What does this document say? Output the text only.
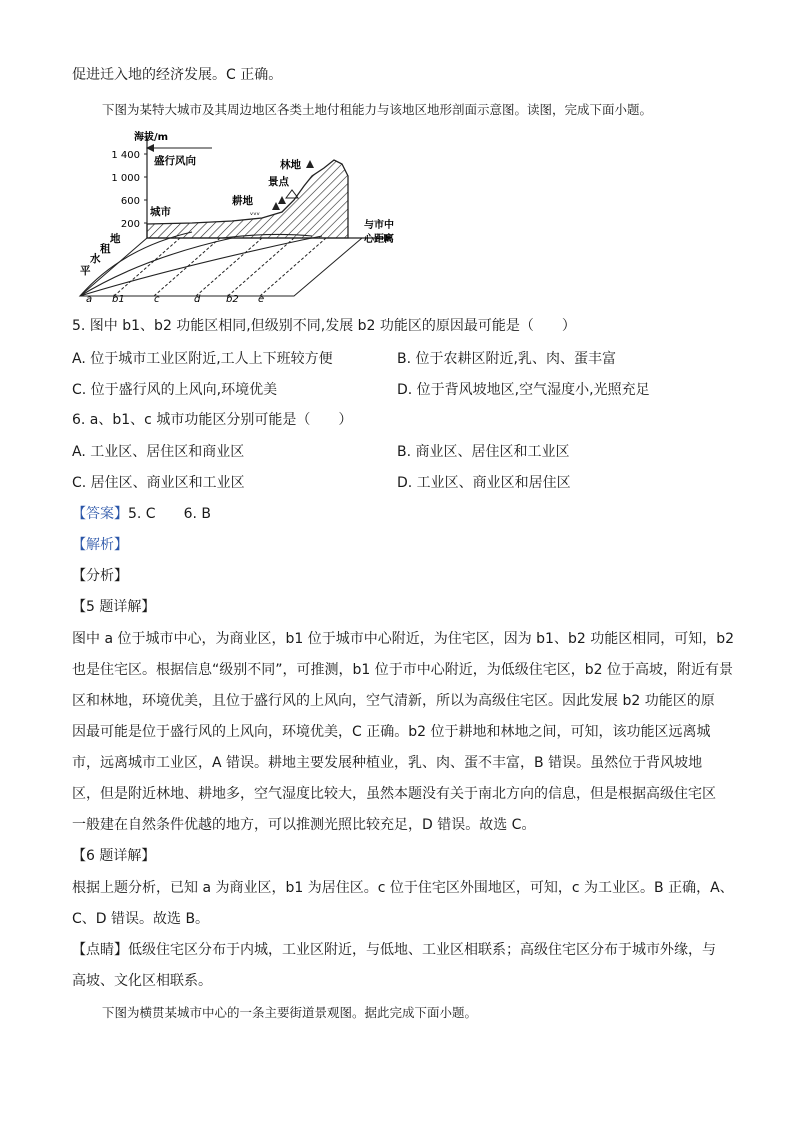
促进迁入地的经济发展。C 正确。
下图为某特大城市及其周边地区各类土地付租能力与该地区地形剖面示意图。读图，完成下面小题。
1 400
1 000
600
200
海拔/m
盛行风向
城市
耕地
ᵥᵥᵥ
景点
林地
与市中
心距离
平
水
租
地
a b1	c	d	b2 e
5. 图中 b1、b2 功能区相同,但级别不同,发展 b2 功能区的原因最可能是（　　）
A. 位于城市工业区附近,工人上下班较方便	B. 位于农耕区附近,乳、肉、蛋丰富
C. 位于盛行风的上风向,环境优美	D. 位于背风坡地区,空气湿度小,光照充足
6. a、b1、c 城市功能区分别可能是（　　）
A. 工业区、居住区和商业区	B. 商业区、居住区和工业区
C. 居住区、商业区和工业区	D. 工业区、商业区和居住区
【答案】5. C　　6. B
【解析】
【分析】
【5 题详解】
图中 a 位于城市中心，为商业区，b1 位于城市中心附近，为住宅区，因为 b1、b2 功能区相同，可知，b2
也是住宅区。根据信息“级别不同”，可推测，b1 位于市中心附近，为低级住宅区，b2 位于高坡，附近有景
区和林地，环境优美，且位于盛行风的上风向，空气清新，所以为高级住宅区。因此发展 b2 功能区的原
因最可能是位于盛行风的上风向，环境优美，C 正确。b2 位于耕地和林地之间，可知，该功能区远离城
市，远离城市工业区，A 错误。耕地主要发展种植业，乳、肉、蛋不丰富，B 错误。虽然位于背风坡地
区，但是附近林地、耕地多，空气湿度比较大，虽然本题没有关于南北方向的信息，但是根据高级住宅区
一般建在自然条件优越的地方，可以推测光照比较充足，D 错误。故选 C。
【6 题详解】
根据上题分析，已知 a 为商业区，b1 为居住区。c 位于住宅区外围地区，可知，c 为工业区。B 正确，A、
C、D 错误。故选 B。
【点睛】低级住宅区分布于内城，工业区附近，与低地、工业区相联系；高级住宅区分布于城市外缘，与
高坡、文化区相联系。
下图为横贯某城市中心的一条主要街道景观图。据此完成下面小题。
